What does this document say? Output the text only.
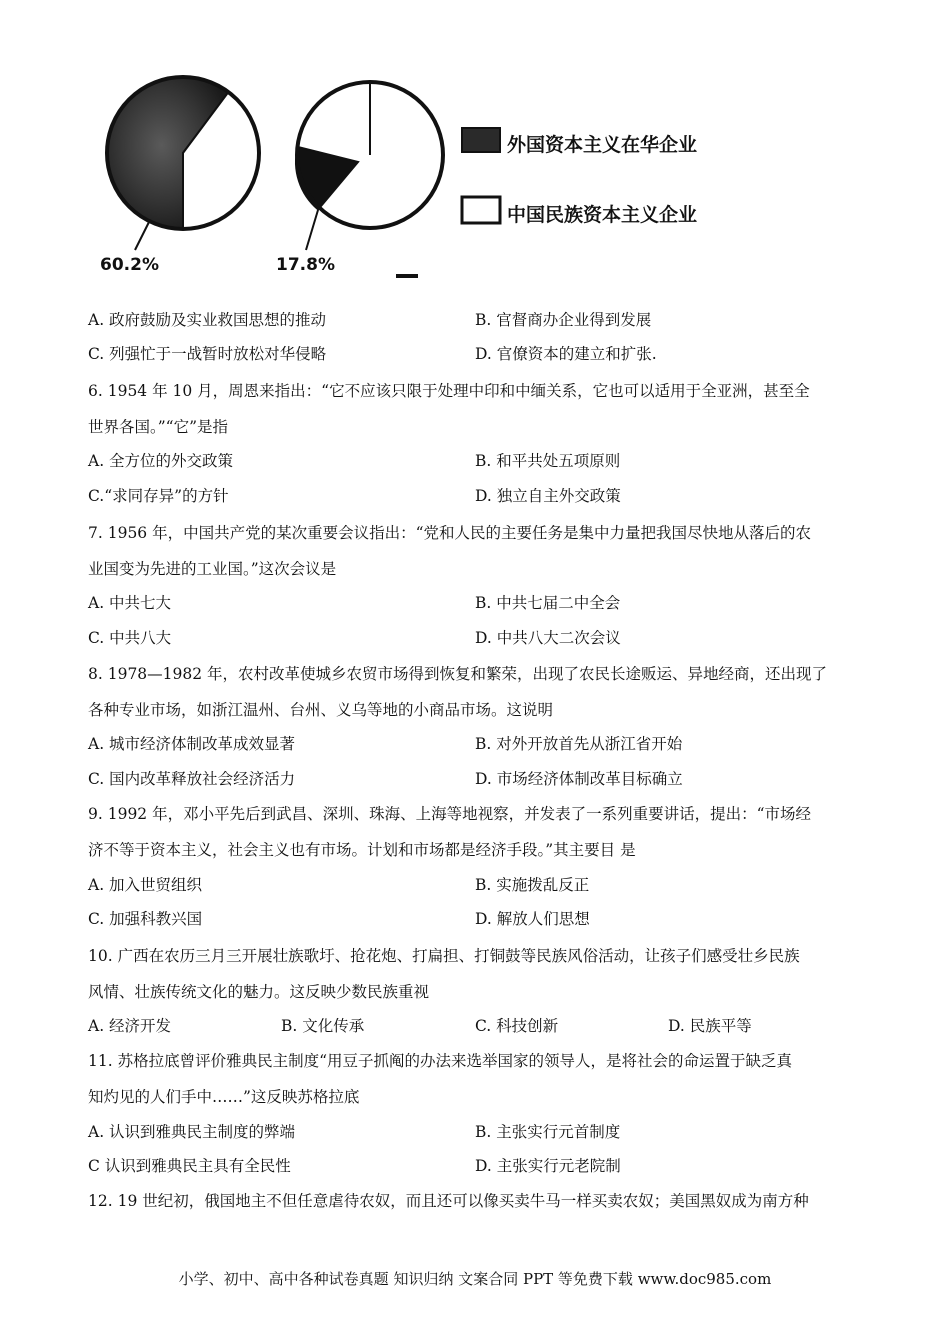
60.2%	17.8%
外国资本主义在华企业
中国民族资本主义企业
A. 政府鼓励及实业救国思想的推动	B. 官督商办企业得到发展
C. 列强忙于一战暂时放松对华侵略	D. 官僚资本的建立和扩张.
6. 1954 年 10 月，周恩来指出：“它不应该只限于处理中印和中缅关系，它也可以适用于全亚洲，甚至全
世界各国。”“它”是指
A. 全方位的外交政策	B. 和平共处五项原则
C.“求同存异”的方针	D. 独立自主外交政策
7. 1956 年，中国共产党的某次重要会议指出：“党和人民的主要任务是集中力量把我国尽快地从落后的农
业国变为先进的工业国。”这次会议是
A. 中共七大	B. 中共七届二中全会
C. 中共八大	D. 中共八大二次会议
8. 1978—1982 年，农村改革使城乡农贸市场得到恢复和繁荣，出现了农民长途贩运、异地经商，还出现了
各种专业市场，如浙江温州、台州、义乌等地的小商品市场。这说明
A. 城市经济体制改革成效显著	B. 对外开放首先从浙江省开始
C. 国内改革释放社会经济活力	D. 市场经济体制改革目标确立
9. 1992 年，邓小平先后到武昌、深圳、珠海、上海等地视察，并发表了一系列重要讲话，提出：“市场经
济不等于资本主义，社会主义也有市场。计划和市场都是经济手段。”其主要目 是
A. 加入世贸组织	B. 实施拨乱反正
C. 加强科教兴国	D. 解放人们思想
10. 广西在农历三月三开展壮族歌圩、抢花炮、打扁担、打铜鼓等民族风俗活动，让孩子们感受壮乡民族
风情、壮族传统文化的魅力。这反映少数民族重视
A. 经济开发	B. 文化传承	C. 科技创新	D. 民族平等
11. 苏格拉底曾评价雅典民主制度“用豆子抓阄的办法来选举国家的领导人，是将社会的命运置于缺乏真
知灼见的人们手中……”这反映苏格拉底
A. 认识到雅典民主制度的弊端	B. 主张实行元首制度
C 认识到雅典民主具有全民性	D. 主张实行元老院制
12. 19 世纪初，俄国地主不但任意虐待农奴，而且还可以像买卖牛马一样买卖农奴；美国黑奴成为南方种
小学、初中、高中各种试卷真题 知识归纳 文案合同 PPT 等免费下载 www.doc985.com
